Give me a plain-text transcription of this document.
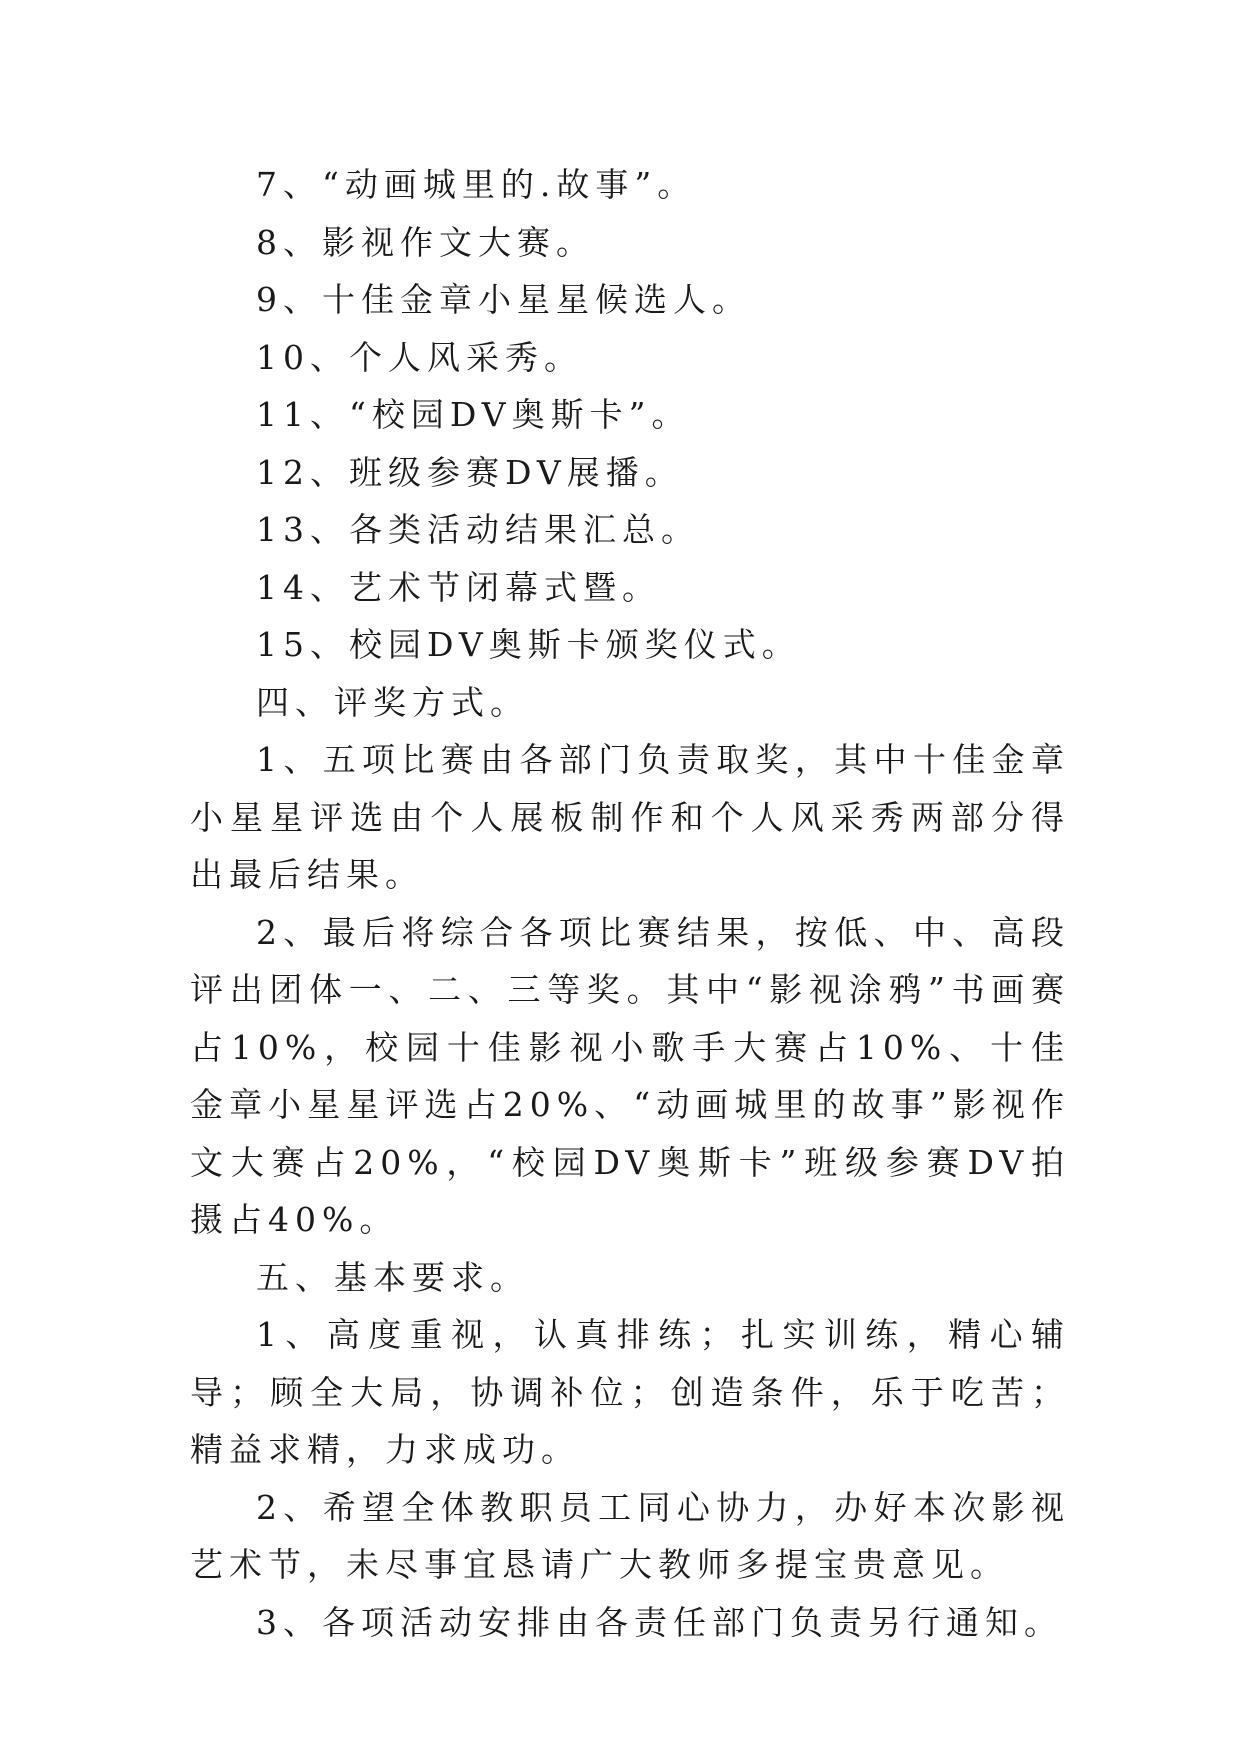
7、“动画城里的.故事”。

8、影视作文大赛。

9、十佳金章小星星候选人。

10、个人风采秀。

11、“校园DV奥斯卡”。

12、班级参赛DV展播。

13、各类活动结果汇总。

14、艺术节闭幕式暨。

15、校园DV奥斯卡颁奖仪式。

四、评奖方式。

1、五项比赛由各部门负责取奖，其中十佳金章小星星评选由个人展板制作和个人风采秀两部分得出最后结果。

2、最后将综合各项比赛结果，按低、中、高段评出团体一、二、三等奖。其中“影视涂鸦”书画赛占10%，校园十佳影视小歌手大赛占10%、十佳金章小星星评选占20%、“动画城里的故事”影视作文大赛占20%，“校园DV奥斯卡”班级参赛DV拍摄占40%。

五、基本要求。

1、高度重视，认真排练；扎实训练，精心辅导；顾全大局，协调补位；创造条件，乐于吃苦；精益求精，力求成功。

2、希望全体教职员工同心协力，办好本次影视艺术节，未尽事宜恳请广大教师多提宝贵意见。

3、各项活动安排由各责任部门负责另行通知。
